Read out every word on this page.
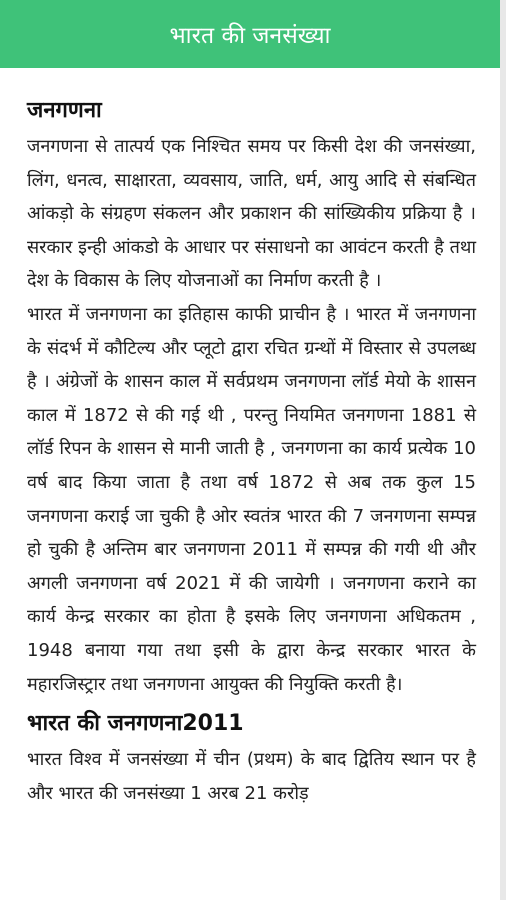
भारत की जनसंख्या
जनगणना

जनगणना से तात्पर्य एक निश्चित समय पर किसी देश की जनसंख्या, लिंग, धनत्व, साक्षारता, व्यवसाय, जाति, धर्म, आयु आदि से संबन्धित आंकड़ो के संग्रहण संकलन और प्रकाशन की सांख्यिकीय प्रक्रिया है । सरकार इन्ही आंकडो के आधार पर संसाधनो का आवंटन करती है तथा देश के विकास के लिए योजनाओं का निर्माण करती है ।

भारत में जनगणना का इतिहास काफी प्राचीन है । भारत में जनगणना के संदर्भ में कौटिल्य और प्लूटो द्वारा रचित ग्रन्थों में विस्तार से उपलब्ध है । अंग्रेजों के शासन काल में सर्वप्रथम जनगणना लॉर्ड मेयो के शासन काल में 1872 से की गई थी , परन्तु नियमित जनगणना 1881 से लॉर्ड रिपन के शासन से मानी जाती है , जनगणना का कार्य प्रत्येक 10 वर्ष बाद किया जाता है तथा वर्ष 1872 से अब तक कुल 15 जनगणना कराई जा चुकी है ओर स्वतंत्र भारत की 7 जनगणना सम्पन्न हो चुकी है अन्तिम बार जनगणना 2011 में सम्पन्न की गयी थी और अगली जनगणना वर्ष 2021 में की जायेगी । जनगणना कराने का कार्य केन्द्र सरकार का होता है इसके लिए जनगणना अधिकतम , 1948 बनाया गया तथा इसी के द्वारा केन्द्र सरकार भारत के महारजिस्ट्रार तथा जनगणना आयुक्त की नियुक्ति करती है।

भारत की जनगणना2011

भारत विश्व में जनसंख्या में चीन (प्रथम) के बाद द्वितिय स्थान पर है और भारत की जनसंख्या 1 अरब 21 करोड़
